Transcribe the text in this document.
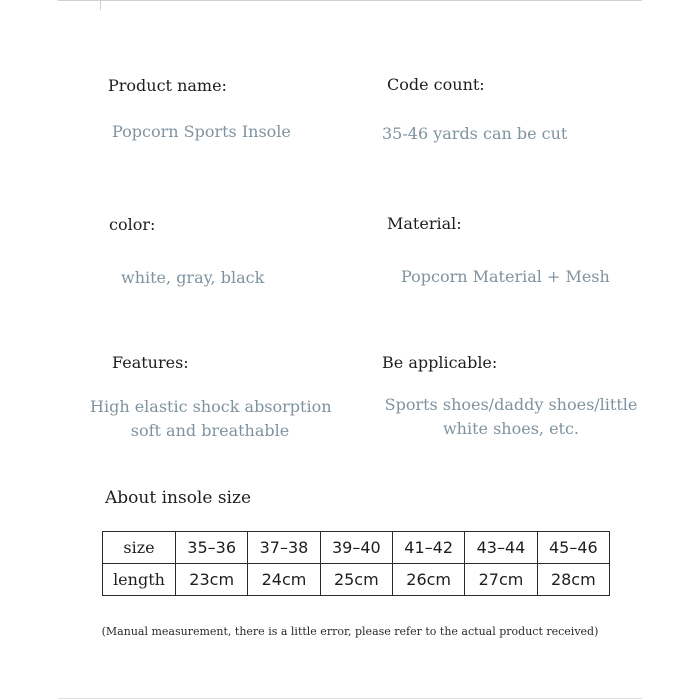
Product name:
Popcorn Sports Insole
Code count:
35-46 yards can be cut
color:
white, gray, black
Material:
Popcorn Material + Mesh
Features:
High elastic shock absorption
soft and breathable
Be applicable:
Sports shoes/daddy shoes/little
white shoes, etc.
About insole size
size	35–36	37–38	39–40	41–42	43–44	45–46
length	23cm	24cm	25cm	26cm	27cm	28cm
(Manual measurement, there is a little error, please refer to the actual product received)
